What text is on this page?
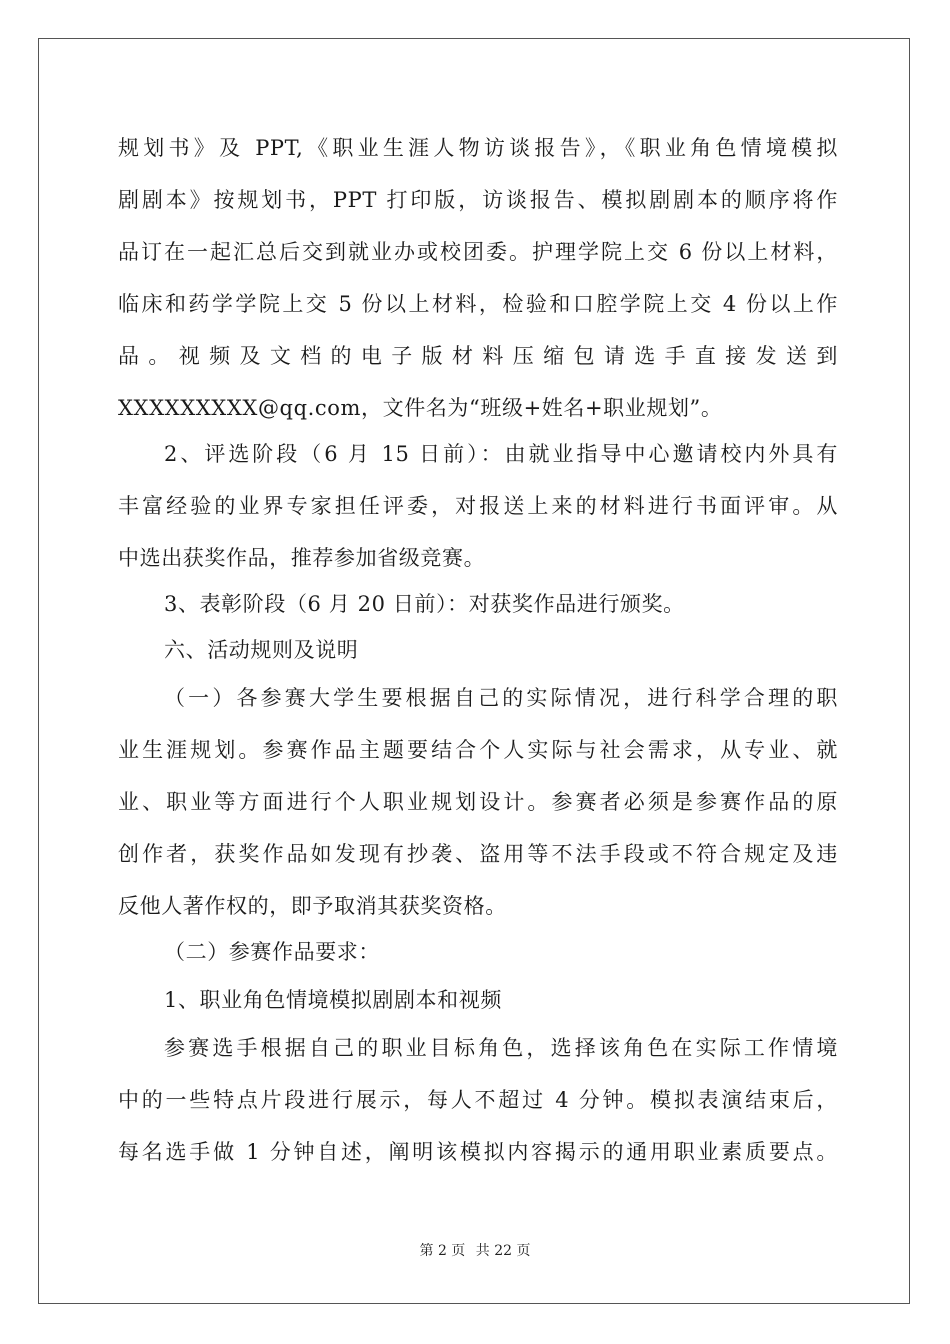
规划书》及 PPT,《职业生涯人物访谈报告》，《职业角色情境模拟
剧剧本》按规划书，PPT 打印版，访谈报告、模拟剧剧本的顺序将作
品订在一起汇总后交到就业办或校团委。护理学院上交 6 份以上材料，
临床和药学学院上交 5 份以上材料，检验和口腔学院上交 4 份以上作
品。视频及文档的电子版材料压缩包请选手直接发送到
XXXXXXXXX@qq.com，文件名为“班级+姓名+职业规划”。
2、评选阶段（6 月 15 日前）：由就业指导中心邀请校内外具有
丰富经验的业界专家担任评委，对报送上来的材料进行书面评审。从
中选出获奖作品，推荐参加省级竞赛。
3、表彰阶段（6 月 20 日前）：对获奖作品进行颁奖。
六、活动规则及说明
（一）各参赛大学生要根据自己的实际情况，进行科学合理的职
业生涯规划。参赛作品主题要结合个人实际与社会需求，从专业、就
业、职业等方面进行个人职业规划设计。参赛者必须是参赛作品的原
创作者，获奖作品如发现有抄袭、盗用等不法手段或不符合规定及违
反他人著作权的，即予取消其获奖资格。
（二）参赛作品要求：
1、职业角色情境模拟剧剧本和视频
参赛选手根据自己的职业目标角色，选择该角色在实际工作情境
中的一些特点片段进行展示，每人不超过 4 分钟。模拟表演结束后，
每名选手做 1 分钟自述，阐明该模拟内容揭示的通用职业素质要点。
第 2 页 共 22 页
